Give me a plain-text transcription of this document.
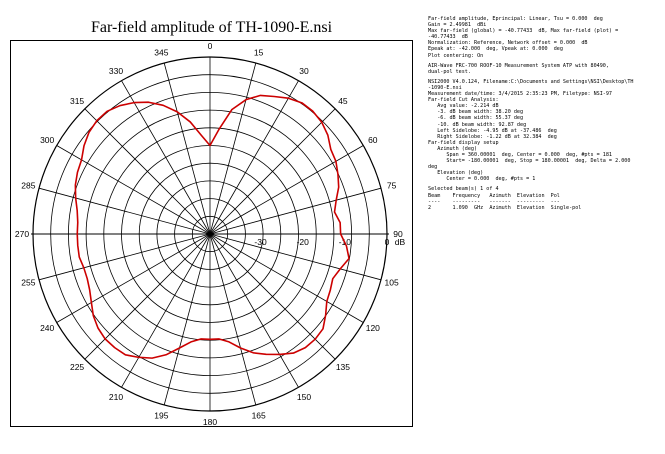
Far-field amplitude of TH-1090-E.nsi
0
15
30
45
60
75
90
105
120
135
150
165
180
195
210
225
240
255
270
285
300
315
330
345
-30	-20	-10	0 dB
Far-field amplitude, Eprincipal: Linear, Tsu = 0.000  deg
Gain = 2.49981  dBi
Max far-field (global) = -40.77433  dB, Max far-field (plot) =
-40.77433  dB
Normalization: Reference, Network offset = 0.000  dB
Epeak at: -42.000  deg, Vpeak at: 0.000  deg
Plot centering: On
AIR-Wave FRC-700 ROOF-10 Measurement System ATP with 80490,
dual-pol test.
NSI2000 V4.0.124, Filename:C:\Documents and Settings\NSI\Desktop\TH
-1090-E.nsi
Measurement date/time: 3/4/2015 2:35:23 PM, Filetype: NSI-97
Far-field Cut Analysis:
Avg value: -2.214 dB
-3. dB beam width: 38.20 deg
-6. dB beam width: 55.37 deg
-10. dB beam width: 92.87 deg
Left Sidelobe: -4.95 dB at -37.486  deg
Right Sidelobe: -1.22 dB at 32.384  deg
Far-field display setup
Azimuth (deg)
Span = 360.00001  deg, Center = 0.000  deg, #pts = 181
Start= -180.00001  deg, Stop = 180.00001  deg, Delta = 2.000
deg
Elevation (deg)
Center = 0.000  deg, #pts = 1
Selected beam(s) 1 of 4
Beam    Frequency   Azimuth  Elevation  Pol
----    ---------   -------  ---------  ---
2       1.090  GHz  Azimuth  Elevation  Single-pol
